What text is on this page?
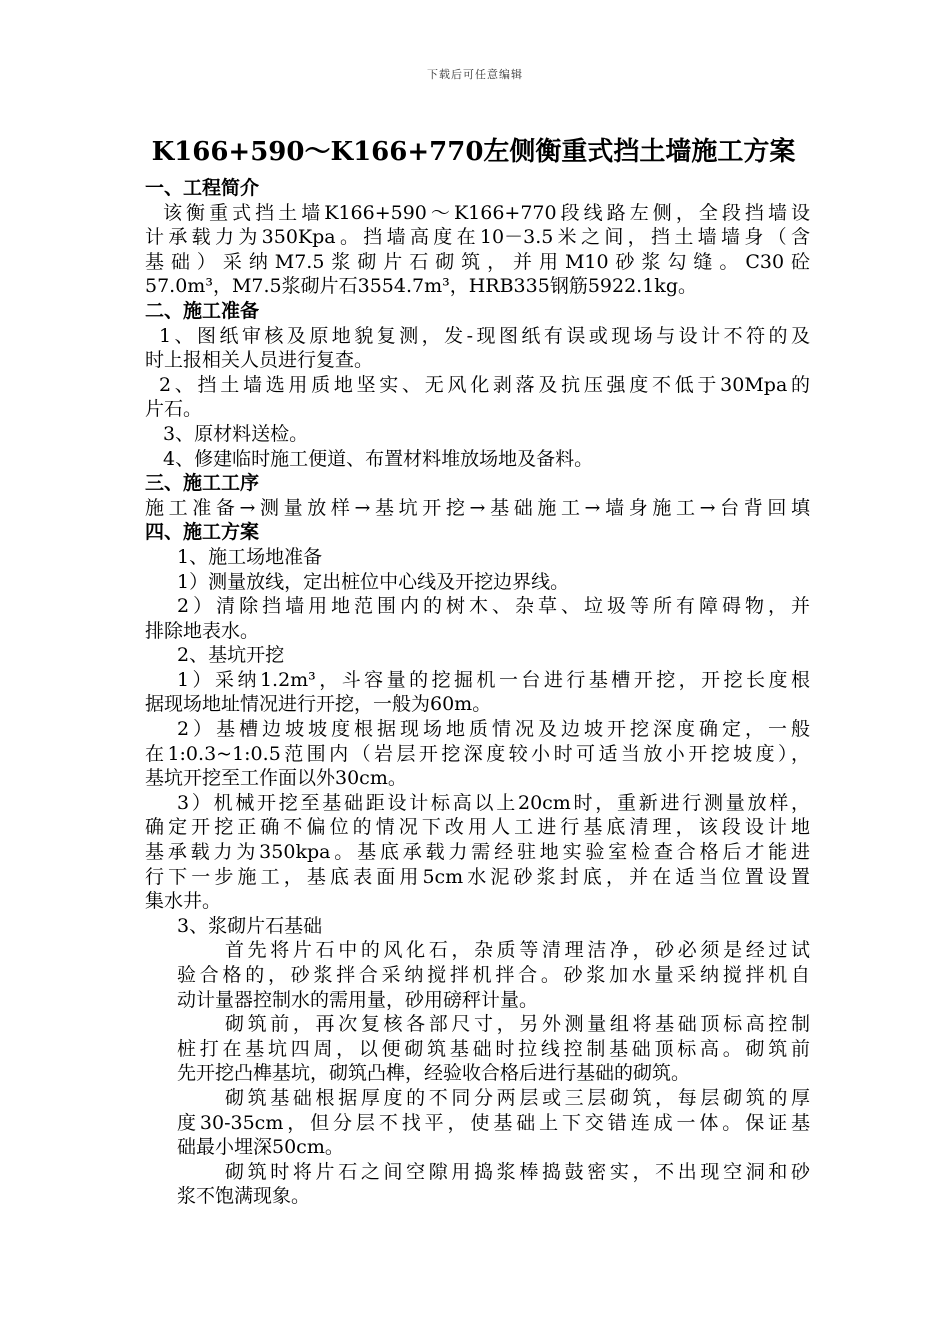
下载后可任意编辑
K166+590～K166+770左侧衡重式挡土墙施工方案
一、工程简介
该衡重式挡土墙K166+590～K166+770段线路左侧，全段挡墙设
计承载力为350Kpa。挡墙高度在10－3.5米之间，挡土墙墙身（含
基础）采纳M7.5浆砌片石砌筑，并用M10砂浆勾缝。C30砼
57.0m³，M7.5浆砌片石3554.7m³，HRB335钢筋5922.1kg。
二、施工准备
1、图纸审核及原地貌复测，发-现图纸有误或现场与设计不符的及
时上报相关人员进行复查。
2、挡土墙选用质地坚实、无风化剥落及抗压强度不低于30Mpa的
片石。
3、原材料送检。
4、修建临时施工便道、布置材料堆放场地及备料。
三、施工工序
施工准备→测量放样→基坑开挖→基础施工→墙身施工→台背回填
四、施工方案
1、施工场地准备
1）测量放线，定出桩位中心线及开挖边界线。
2）清除挡墙用地范围内的树木、杂草、垃圾等所有障碍物，并
排除地表水。
2、基坑开挖
1）采纳1.2m³，斗容量的挖掘机一台进行基槽开挖，开挖长度根
据现场地址情况进行开挖，一般为60m。
2）基槽边坡坡度根据现场地质情况及边坡开挖深度确定，一般
在1:0.3~1:0.5范围内（岩层开挖深度较小时可适当放小开挖坡度），
基坑开挖至工作面以外30cm。
3）机械开挖至基础距设计标高以上20cm时，重新进行测量放样，
确定开挖正确不偏位的情况下改用人工进行基底清理，该段设计地
基承载力为350kpa。基底承载力需经驻地实验室检查合格后才能进
行下一步施工，基底表面用5cm水泥砂浆封底，并在适当位置设置
集水井。
3、浆砌片石基础
首先将片石中的风化石，杂质等清理洁净，砂必须是经过试
验合格的，砂浆拌合采纳搅拌机拌合。砂浆加水量采纳搅拌机自
动计量器控制水的需用量，砂用磅秤计量。
砌筑前，再次复核各部尺寸，另外测量组将基础顶标高控制
桩打在基坑四周，以便砌筑基础时拉线控制基础顶标高。砌筑前
先开挖凸榫基坑，砌筑凸榫，经验收合格后进行基础的砌筑。
砌筑基础根据厚度的不同分两层或三层砌筑，每层砌筑的厚
度30-35cm，但分层不找平，使基础上下交错连成一体。保证基
础最小埋深50cm。
砌筑时将片石之间空隙用捣浆棒捣鼓密实，不出现空洞和砂
浆不饱满现象。
